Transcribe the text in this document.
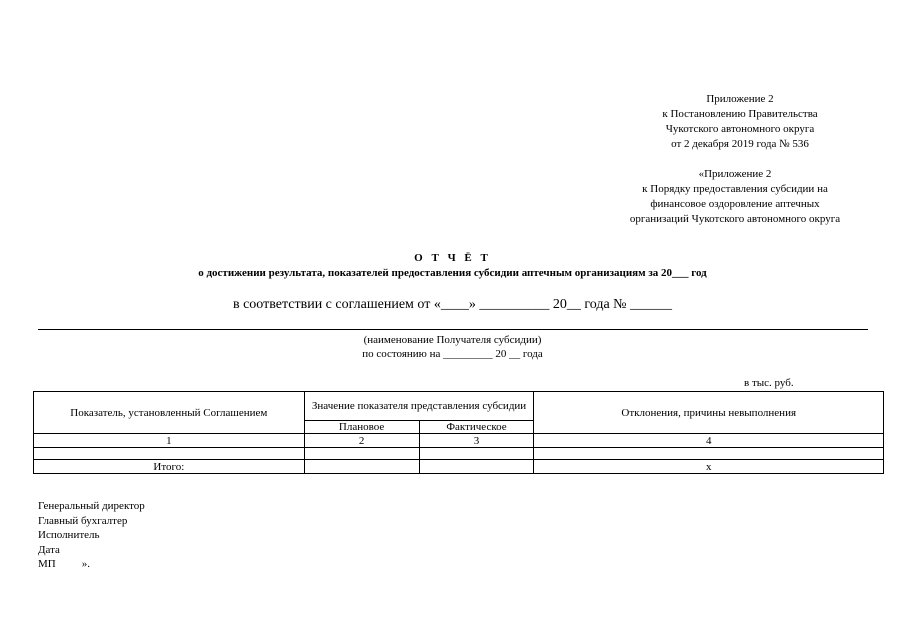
Приложение 2
к Постановлению Правительства
Чукотского автономного округа
от 2 декабря 2019 года № 536
«Приложение 2
к Порядку предоставления субсидии на
финансовое оздоровление аптечных
организаций Чукотского автономного округа
О Т Ч Ё Т
о достижении результата, показателей предоставления субсидии аптечным организациям за 20___ год
в соответствии с соглашением от «____» __________ 20__ года № ______
(наименование Получателя субсидии)
по состоянию на _________ 20 __ года
в тыс. руб.
Показатель, установленный Соглашением	Значение показателя представления субсидии		Отклонения, причины невыполнения
	Плановое	Фактическое	
1	2	3	4

Итого:			х
Генеральный директор
Главный бухгалтер
Исполнитель
Дата
МП ».
